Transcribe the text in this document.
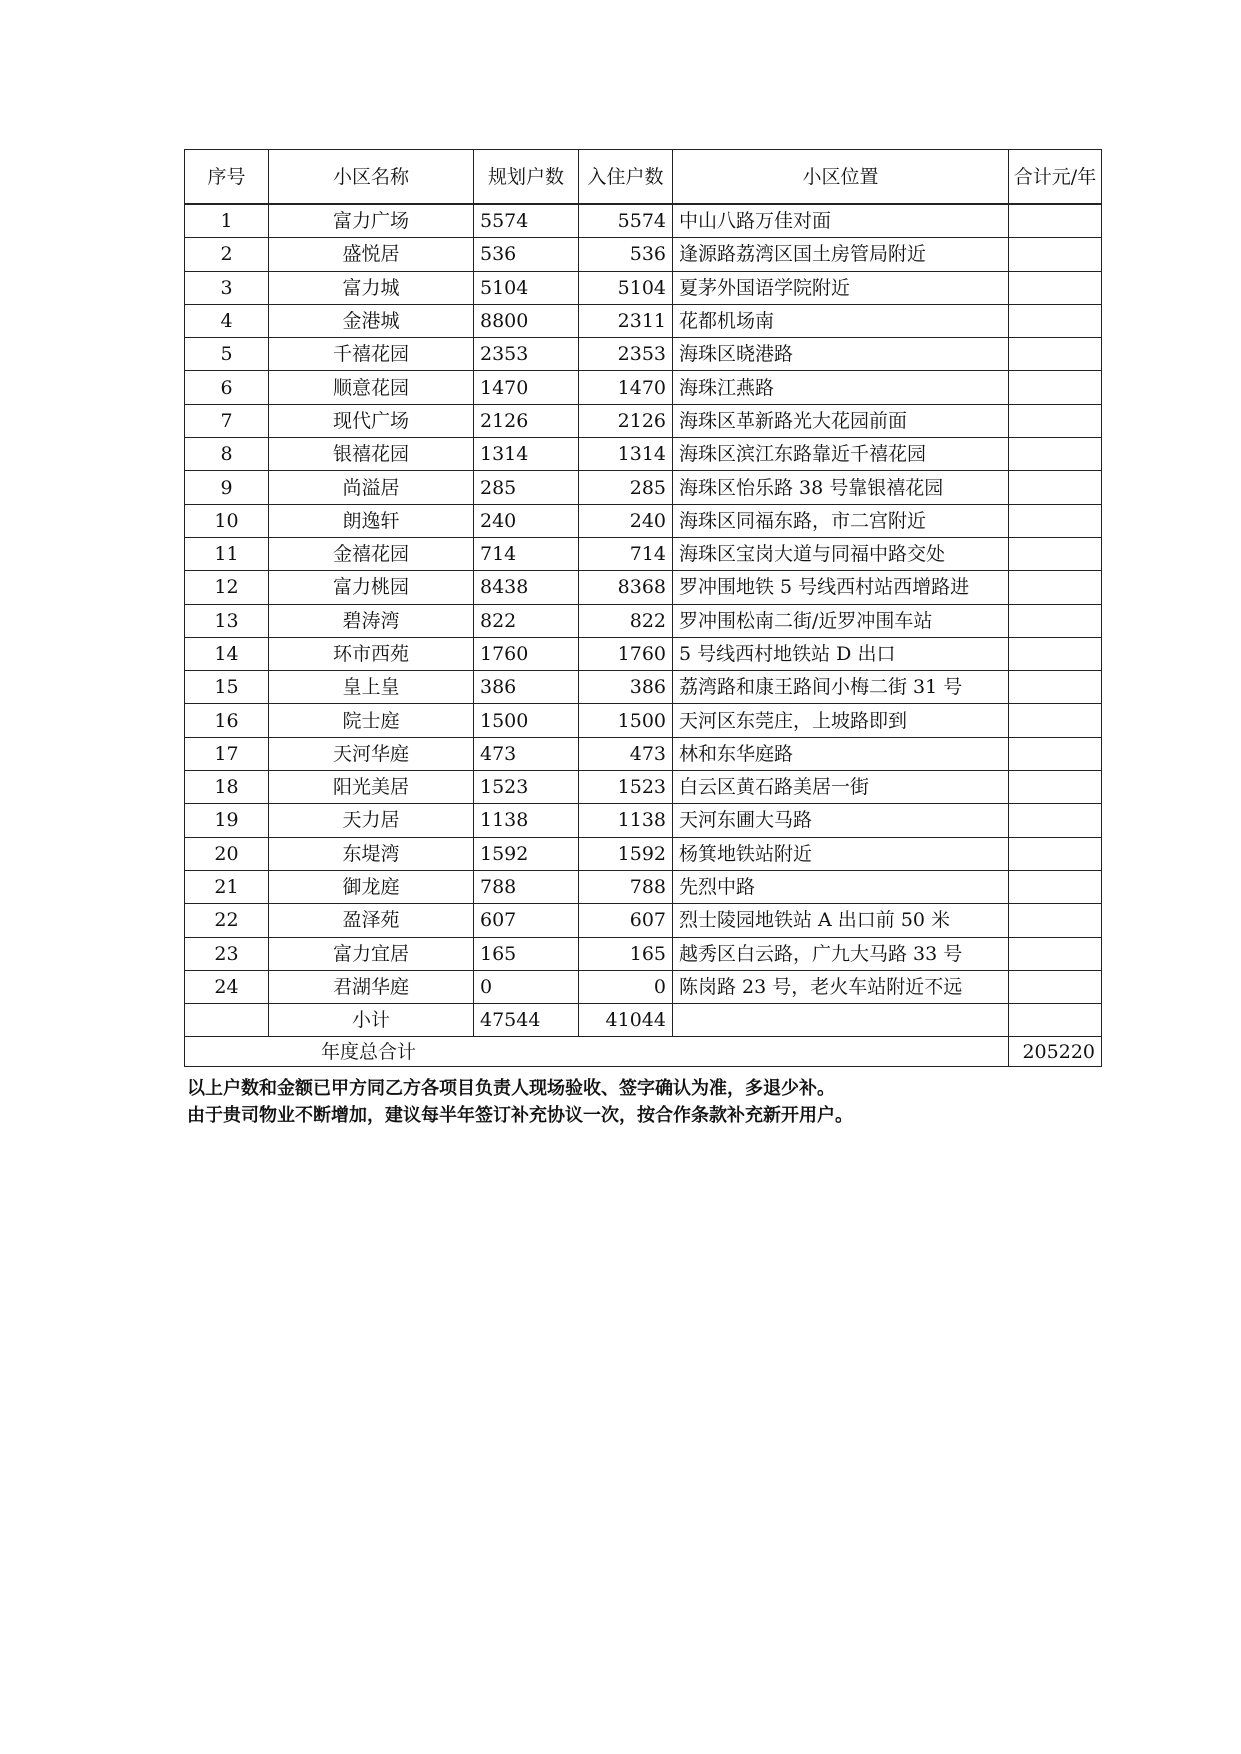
序号	小区名称	规划户数	入住户数	小区位置	合计元/年
1	富力广场	5574	5574	中山八路万佳对面	
2	盛悦居	536	536	逢源路荔湾区国土房管局附近	
3	富力城	5104	5104	夏茅外国语学院附近	
4	金港城	8800	2311	花都机场南	
5	千禧花园	2353	2353	海珠区晓港路	
6	顺意花园	1470	1470	海珠江燕路	
7	现代广场	2126	2126	海珠区革新路光大花园前面	
8	银禧花园	1314	1314	海珠区滨江东路靠近千禧花园	
9	尚溢居	285	285	海珠区怡乐路 38 号靠银禧花园	
10	朗逸轩	240	240	海珠区同福东路，市二宫附近	
11	金禧花园	714	714	海珠区宝岗大道与同福中路交处	
12	富力桃园	8438	8368	罗冲围地铁 5 号线西村站西增路进	
13	碧涛湾	822	822	罗冲围松南二街/近罗冲围车站	
14	环市西苑	1760	1760	5 号线西村地铁站 D 出口	
15	皇上皇	386	386	荔湾路和康王路间小梅二街 31 号	
16	院士庭	1500	1500	天河区东莞庄，上坡路即到	
17	天河华庭	473	473	林和东华庭路	
18	阳光美居	1523	1523	白云区黄石路美居一街	
19	天力居	1138	1138	天河东圃大马路	
20	东堤湾	1592	1592	杨箕地铁站附近	
21	御龙庭	788	788	先烈中路	
22	盈泽苑	607	607	烈士陵园地铁站 A 出口前 50 米	
23	富力宜居	165	165	越秀区白云路，广九大马路 33 号	
24	君湖华庭	0	0	陈岗路 23 号，老火车站附近不远	
	小计	47544	41044		
年度总合计					205220
以上户数和金额已甲方同乙方各项目负责人现场验收、签字确认为准，多退少补。
由于贵司物业不断增加，建议每半年签订补充协议一次，按合作条款补充新开用户。
